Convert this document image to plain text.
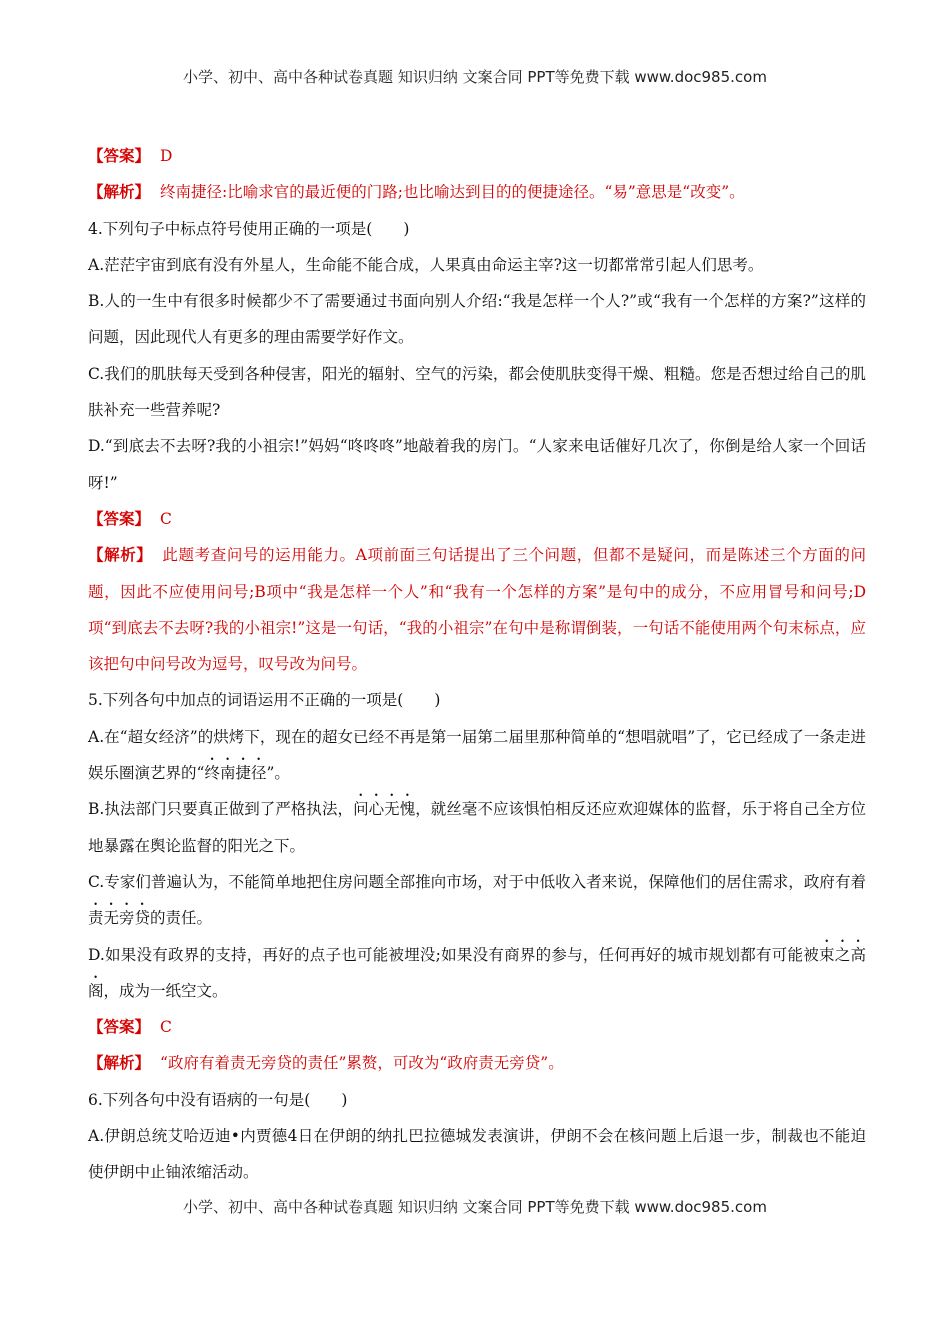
小学、初中、高中各种试卷真题 知识归纳 文案合同 PPT等免费下载 www.doc985.com

【答案】 D

【解析】 终南捷径:比喻求官的最近便的门路;也比喻达到目的的便捷途径。“易”意思是“改变”。

4.下列句子中标点符号使用正确的一项是(　　)

A.茫茫宇宙到底有没有外星人，生命能不能合成，人果真由命运主宰?这一切都常常引起人们思考。

B.人的一生中有很多时候都少不了需要通过书面向别人介绍:“我是怎样一个人?”或“我有一个怎样的方案?”这样的问题，因此现代人有更多的理由需要学好作文。

C.我们的肌肤每天受到各种侵害，阳光的辐射、空气的污染，都会使肌肤变得干燥、粗糙。您是否想过给自己的肌肤补充一些营养呢?

D.“到底去不去呀?我的小祖宗!”妈妈“咚咚咚”地敲着我的房门。“人家来电话催好几次了，你倒是给人家一个回话呀!”

【答案】 C

【解析】 此题考查问号的运用能力。A项前面三句话提出了三个问题，但都不是疑问，而是陈述三个方面的问题，因此不应使用问号;B项中“我是怎样一个人”和“我有一个怎样的方案”是句中的成分，不应用冒号和问号;D项“到底去不去呀?我的小祖宗!”这是一句话，“我的小祖宗”在句中是称谓倒装，一句话不能使用两个句末标点，应该把句中问号改为逗号，叹号改为问号。

5.下列各句中加点的词语运用不正确的一项是(　　)

A.在“超女经济”的烘烤下，现在的超女已经不再是第一届第二届里那种简单的“想唱就唱”了，它已经成了一条走进娱乐圈演艺界的“终南捷径”。

B.执法部门只要真正做到了严格执法，问心无愧，就丝毫不应该惧怕相反还应欢迎媒体的监督，乐于将自己全方位地暴露在舆论监督的阳光之下。

C.专家们普遍认为，不能简单地把住房问题全部推向市场，对于中低收入者来说，保障他们的居住需求，政府有着责无旁贷的责任。

D.如果没有政界的支持，再好的点子也可能被埋没;如果没有商界的参与，任何再好的城市规划都有可能被束之高阁，成为一纸空文。

【答案】 C

【解析】 “政府有着责无旁贷的责任”累赘，可改为“政府责无旁贷”。

6.下列各句中没有语病的一句是(　　)

A.伊朗总统艾哈迈迪•内贾德4日在伊朗的纳扎巴拉德城发表演讲，伊朗不会在核问题上后退一步，制裁也不能迫使伊朗中止铀浓缩活动。

小学、初中、高中各种试卷真题 知识归纳 文案合同 PPT等免费下载 www.doc985.com
